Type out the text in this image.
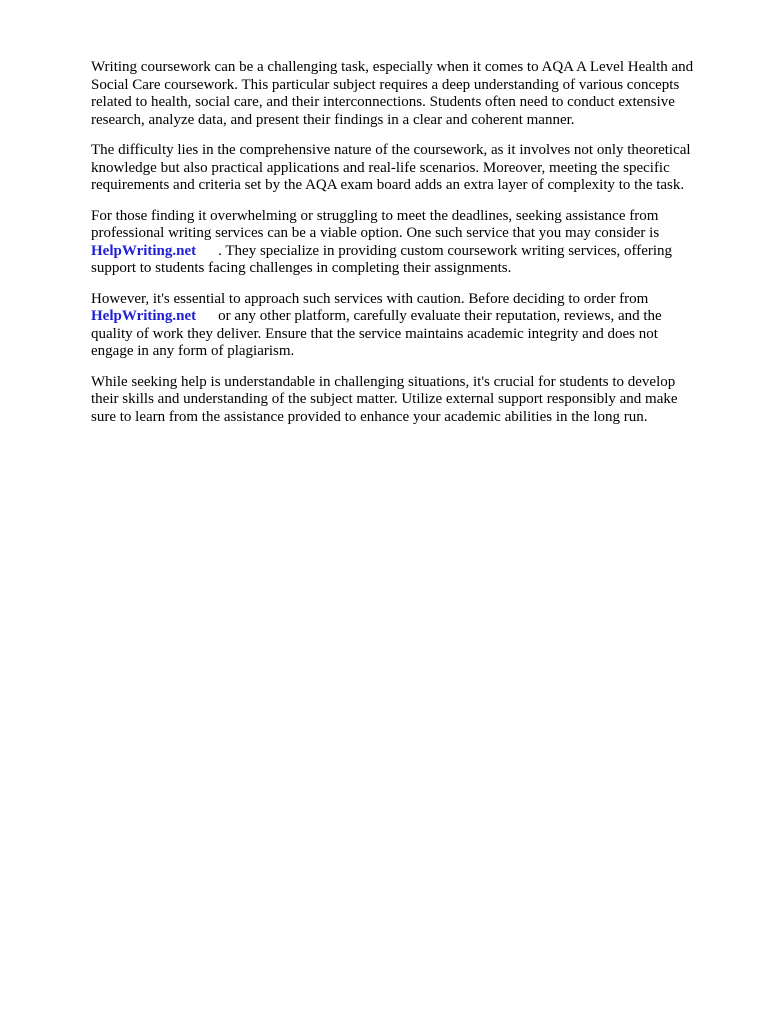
Writing coursework can be a challenging task, especially when it comes to AQA A Level Health and
Social Care coursework. This particular subject requires a deep understanding of various concepts
related to health, social care, and their interconnections. Students often need to conduct extensive
research, analyze data, and present their findings in a clear and coherent manner.

The difficulty lies in the comprehensive nature of the coursework, as it involves not only theoretical
knowledge but also practical applications and real-life scenarios. Moreover, meeting the specific
requirements and criteria set by the AQA exam board adds an extra layer of complexity to the task.

For those finding it overwhelming or struggling to meet the deadlines, seeking assistance from
professional writing services can be a viable option. One such service that you may consider is
HelpWriting.net . They specialize in providing custom coursework writing services, offering
support to students facing challenges in completing their assignments.

However, it's essential to approach such services with caution. Before deciding to order from
HelpWriting.net or any other platform, carefully evaluate their reputation, reviews, and the
quality of work they deliver. Ensure that the service maintains academic integrity and does not
engage in any form of plagiarism.

While seeking help is understandable in challenging situations, it's crucial for students to develop
their skills and understanding of the subject matter. Utilize external support responsibly and make
sure to learn from the assistance provided to enhance your academic abilities in the long run.
